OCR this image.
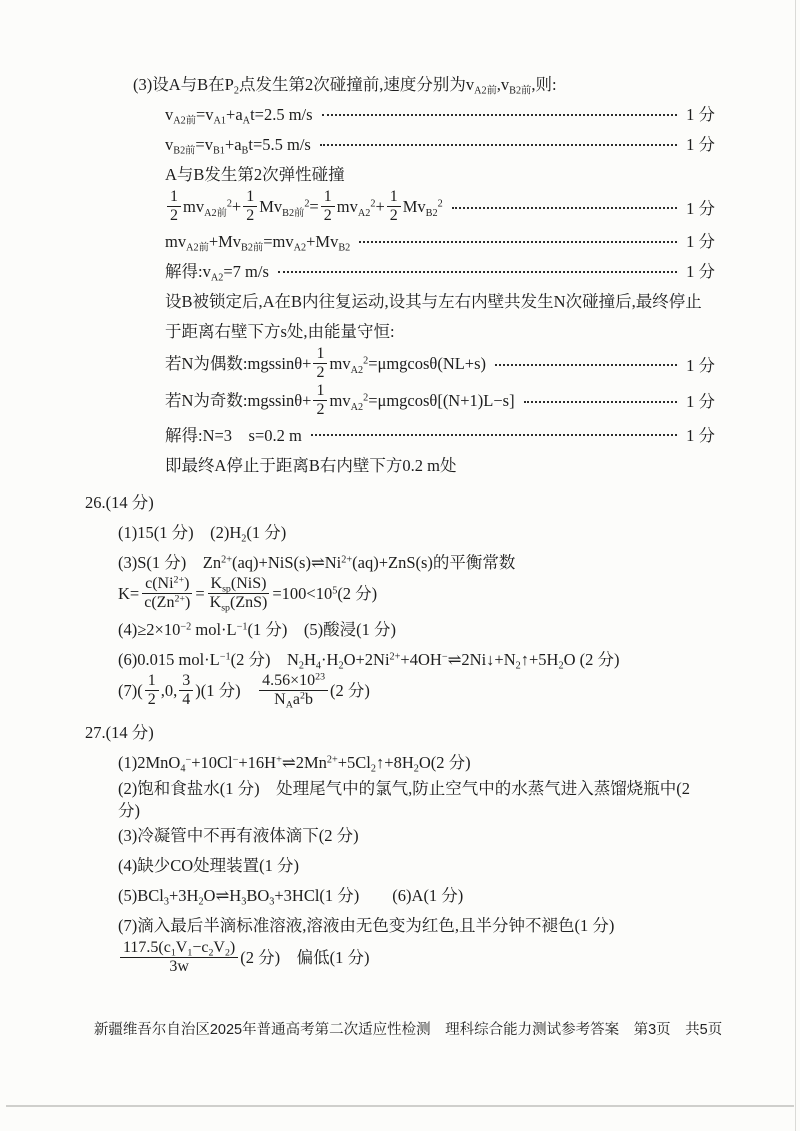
(3)设A与B在$P_2$点发生第2次碰撞前,速度分别为$v_{A2前},v_{B2前}$,则:
$v_{A2前}=v_{A1}+a_At=2.5$ m/s	1 分
$v_{B2前}=v_{B1}+a_Bt=5.5$ m/s	1 分
A与B发生第2次弹性碰撞
$\frac{1}{2} mv_{A2前}^2+ \frac{1}{2} Mv_{B2前}^2= \frac{1}{2} mv_{A2}^2+ \frac{1}{2} Mv_{B2}^2$	1 分
$mv_{A2前}+Mv_{B2前}=mv_{A2}+Mv_{B2}$	1 分
解得$:v_{A2}=7$ m/s	1 分
设B被锁定后,A在B内往复运动,设其与左右内壁共发生N次碰撞后,最终停止
于距离右壁下方s处,由能量守恒:
若N为偶数:mgssinθ+ $\frac{1}{2} mv_{A2}^2=\mu mgcos\theta(NL+s)$	1 分
若N为奇数:mgssinθ+ $\frac{1}{2} mv_{A2}^2=\mu mgcos\theta[(N+1)L-s]$	1 分
解得:N=3　s=0.2 m	1 分
即最终A停止于距离B右内壁下方0.2 m处
26.(14 分)
(1)15(1 分)　$(2)H_2(1$ 分)
(3)S(1 分)　$Zn^{2+}(aq)+NiS(s)\rightleftharpoons Ni^{2+}(aq)+ZnS(s)$的平衡常数
$K= \frac{c(Ni^{2+})}{c(Zn^{2+})} = \frac{K_{sp}(NiS)}{K_{sp}(ZnS)} =100<10^5(2$ 分)
$(4)\ge 2\times 10^{-2}$ $mol\cdot L^{-1}(1$ 分)　(5)酸浸(1 分)
(6)0.015 $mol\cdot L^{-1}(2$ 分)　$N_2H_4\cdot H_2O+2Ni^{2+}+4OH^-\rightleftharpoons 2Ni↓+N_2↑+5H_2O$ (2 分)
$(7)( \frac{1}{2} ,0$, $\frac{3}{4} )(1$ 分)　 $\frac{4.56\times 10^{23}}{N_Aa^2b} (2$ 分)
27.(14 分)
$(1)2MnO_4^-+10Cl^-+16H^+\rightleftharpoons 2Mn^{2+}+5Cl_2↑+8H_2O(2$ 分)
(2)饱和食盐水(1 分)　处理尾气中的氯气,防止空气中的水蒸气进入蒸馏烧瓶中(2 分)
(3)冷凝管中不再有液体滴下(2 分)
(4)缺少CO处理装置(1 分)
$(5)BCl_3+3H_2O\rightleftharpoons H_3BO_3+3HCl(1$ 分)　　(6)A(1 分)
(7)滴入最后半滴标准溶液,溶液由无色变为红色,且半分钟不褪色(1 分)
$\frac{117.5(c_1V_1-c_2V_2)}{3w} (2$ 分)　偏低(1 分)

新疆维吾尔自治区2025年普通高考第二次适应性检测　理科综合能力测试参考答案　第3页　共5页
